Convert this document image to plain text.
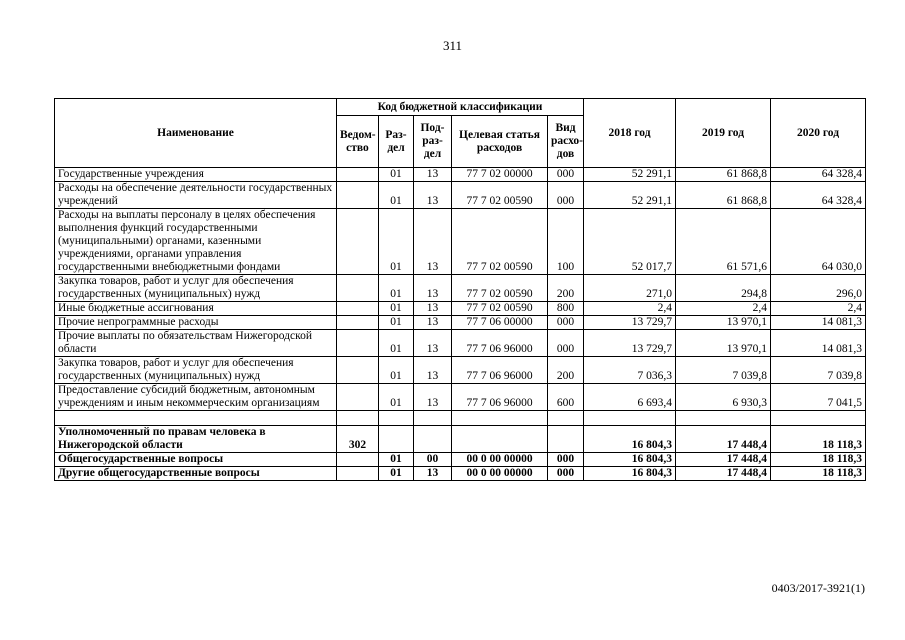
311
Наименование	Код бюджетной классификации					2018 год	2019 год	2020 год
	Ведом-ство	Раз-дел	Под-раз-дел	Целевая статья расходов	Вид расхо-дов			
Государственные учреждения		01	13	77 7 02 00000	000	52 291,1	61 868,8	64 328,4
Расходы на обеспечение деятельности государственных учреждений		01	13	77 7 02 00590	000	52 291,1	61 868,8	64 328,4
Расходы на выплаты персоналу в целях обеспечения выполнения функций государственными (муниципальными) органами, казенными учреждениями, органами управления государственными внебюджетными фондами		01	13	77 7 02 00590	100	52 017,7	61 571,6	64 030,0
Закупка товаров, работ и услуг для обеспечения государственных (муниципальных) нужд		01	13	77 7 02 00590	200	271,0	294,8	296,0
Иные бюджетные ассигнования		01	13	77 7 02 00590	800	2,4	2,4	2,4
Прочие непрограммные расходы		01	13	77 7 06 00000	000	13 729,7	13 970,1	14 081,3
Прочие выплаты по обязательствам Нижегородской области		01	13	77 7 06 96000	000	13 729,7	13 970,1	14 081,3
Закупка товаров, работ и услуг для обеспечения государственных (муниципальных) нужд		01	13	77 7 06 96000	200	7 036,3	7 039,8	7 039,8
Предоставление субсидий бюджетным, автономным учреждениям и иным некоммерческим организациям		01	13	77 7 06 96000	600	6 693,4	6 930,3	7 041,5

Уполномоченный по правам человека в Нижегородской области	302					16 804,3	17 448,4	18 118,3
Общегосударственные вопросы		01	00	00 0 00 00000	000	16 804,3	17 448,4	18 118,3
Другие общегосударственные вопросы		01	13	00 0 00 00000	000	16 804,3	17 448,4	18 118,3
0403/2017-3921(1)
